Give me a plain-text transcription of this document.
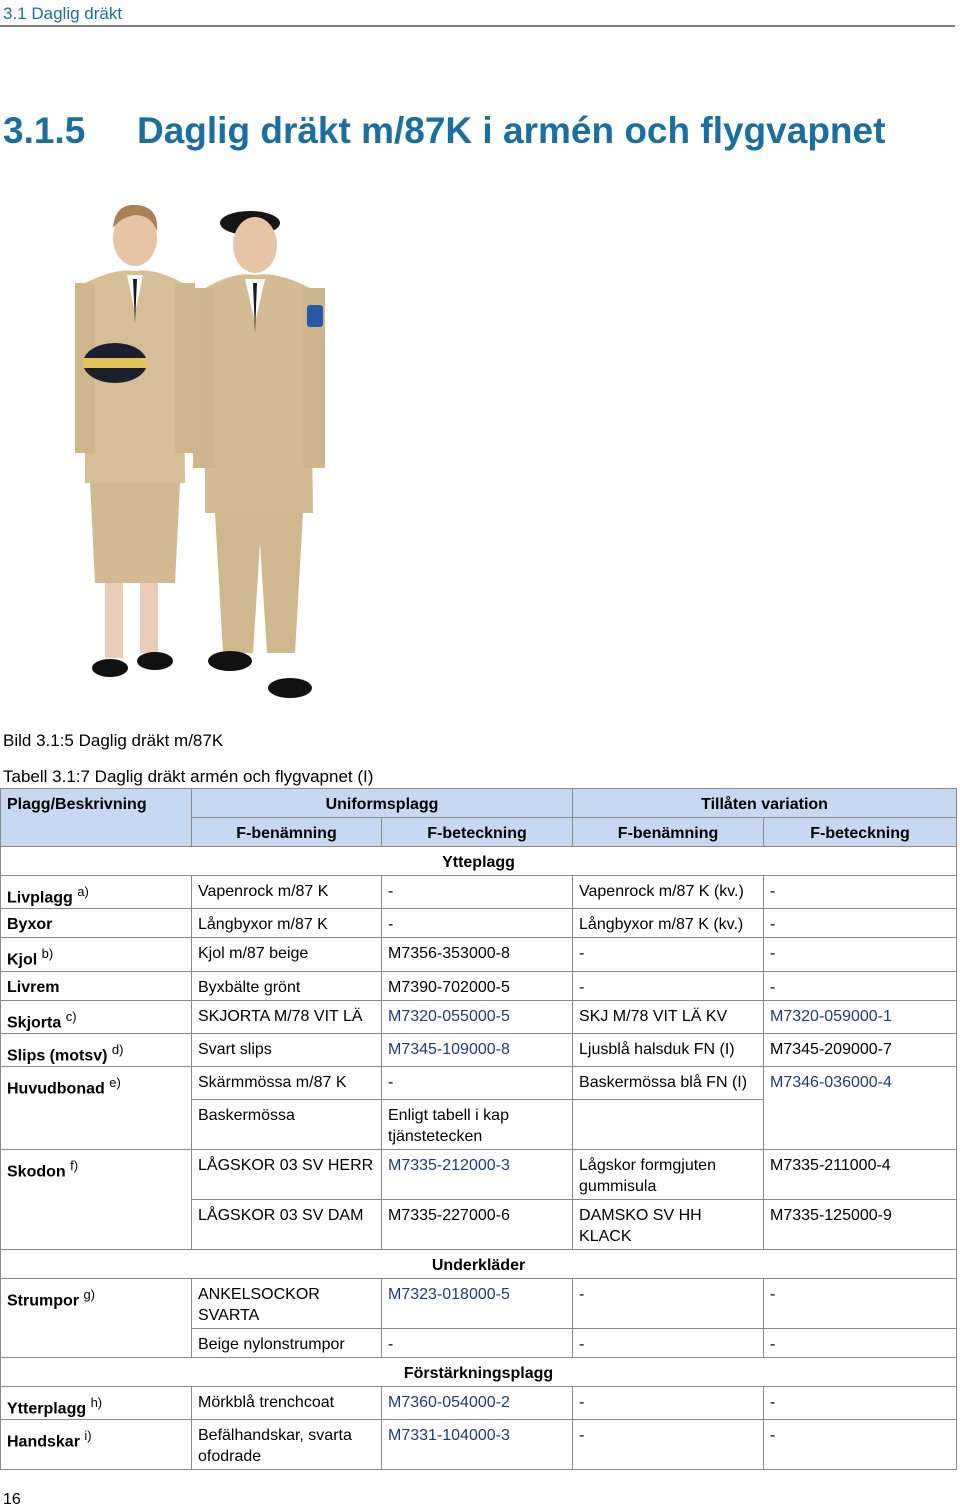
3.1 Daglig dräkt
3.1.5 Daglig dräkt m/87K i armén och flygvapnet
Bild 3.1:5 Daglig dräkt m/87K
Tabell 3.1:7 Daglig dräkt armén och flygvapnet (I)
Plagg/Beskrivning	Uniformsplagg		Tillåten variation	
	F-benämning	F-beteckning	F-benämning	F-beteckning
Ytteplagg				
Livplagg $^{a)}$	Vapenrock m/87 K	-	Vapenrock m/87 K (kv.)	-
Byxor	Långbyxor m/87 K	-	Långbyxor m/87 K (kv.)	-
Kjol $^{b)}$	Kjol m/87 beige	M7356-353000-8	-	-
Livrem	Byxbälte grönt	M7390-702000-5	-	-
Skjorta $^{c)}$	SKJORTA M/78 VIT LÄ	M7320-055000-5	SKJ M/78 VIT LÄ KV	M7320-059000-1
Slips (motsv) $^{d)}$	Svart slips	M7345-109000-8	Ljusblå halsduk FN (I)	M7345-209000-7
Huvudbonad $^{e)}$	Skärmmössa m/87 K	-	Baskermössa blå FN (I)	M7346-036000-4
	Baskermössa	Enligt tabell i kap tjänstetecken		
Skodon $^{f)}$	LÅGSKOR 03 SV HERR	M7335-212000-3	Lågskor formgjuten gummisula	M7335-211000-4
	LÅGSKOR 03 SV DAM	M7335-227000-6	DAMSKO SV HH KLACK	M7335-125000-9
Underkläder				
Strumpor $^{g)}$	ANKELSOCKOR SVARTA	M7323-018000-5	-	-
	Beige nylonstrumpor	-	-	-
Förstärkningsplagg				
Ytterplagg $^{h)}$	Mörkblå trenchcoat	M7360-054000-2	-	-
Handskar $^{i)}$	Befälhandskar, svarta ofodrade	M7331-104000-3	-	-
16
